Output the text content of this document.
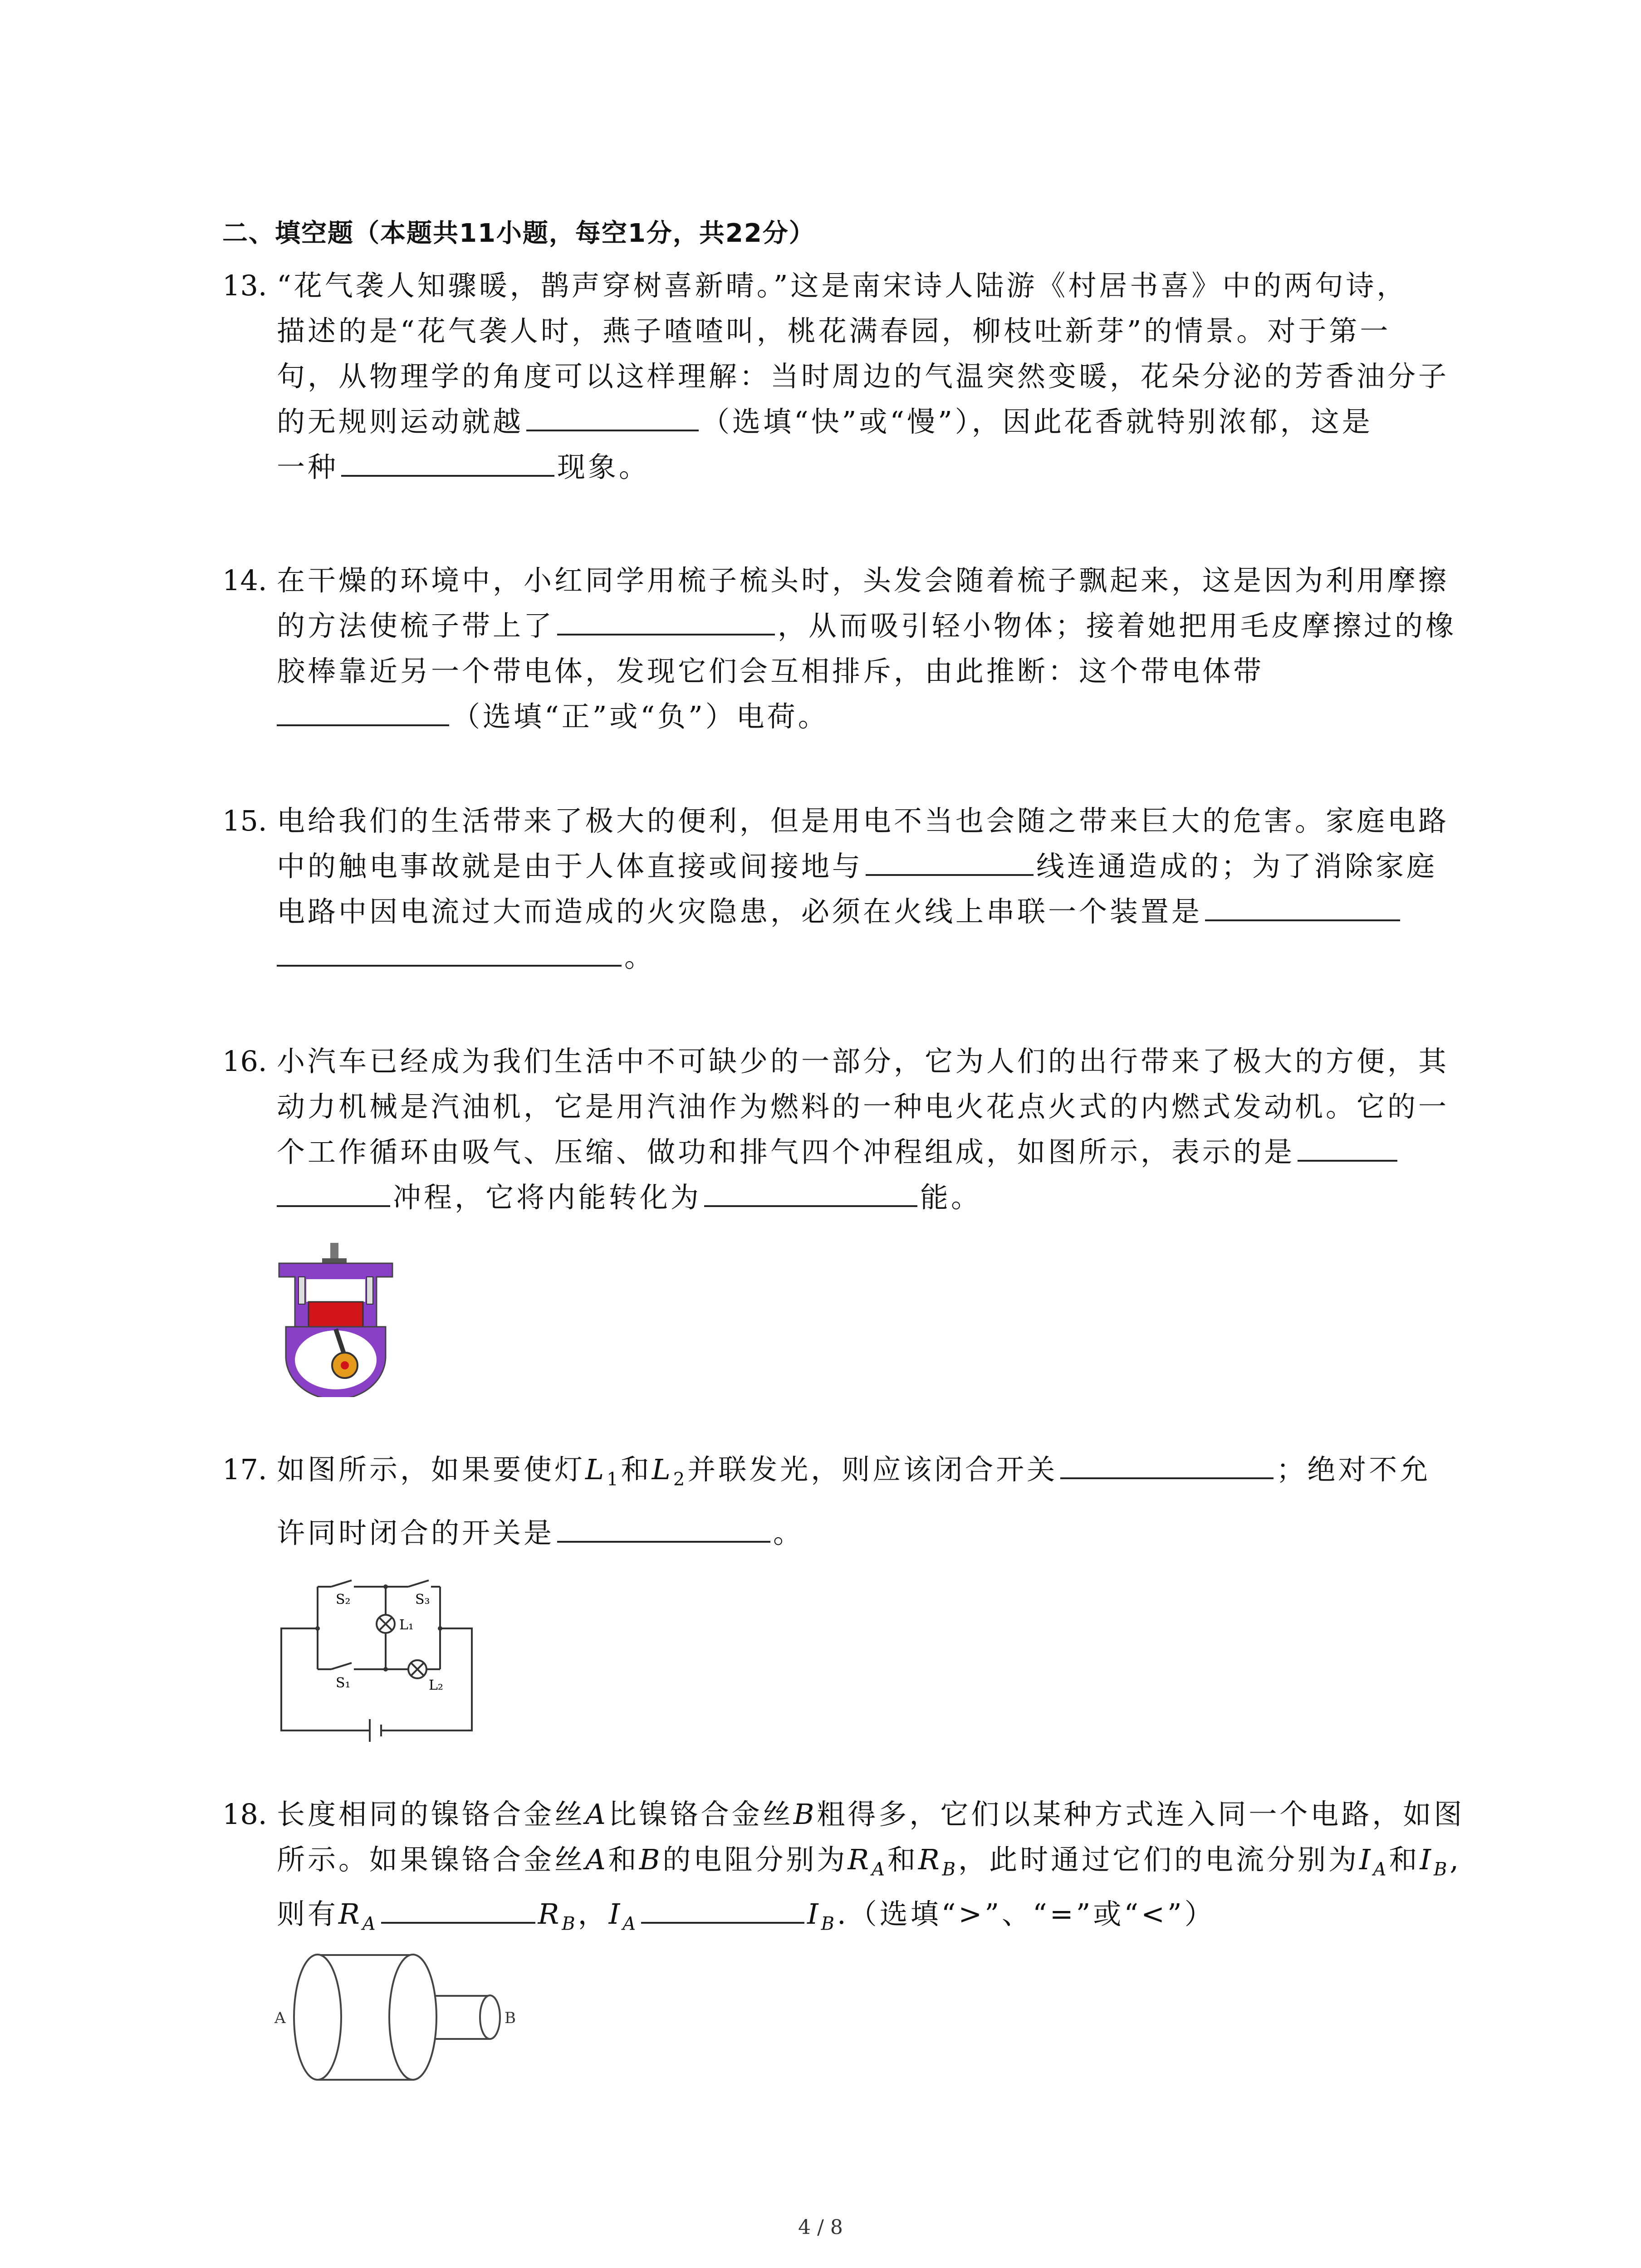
二、填空题（本题共11小题，每空1分，共22分）
13. “花气袭人知骤暖，鹊声穿树喜新晴。”这是南宋诗人陆游《村居书喜》中的两句诗，
描述的是“花气袭人时，燕子喳喳叫，桃花满春园，柳枝吐新芽”的情景。对于第一
句，从物理学的角度可以这样理解：当时周边的气温突然变暖，花朵分泌的芳香油分子
的无规则运动就越	（选填“快”或“慢”），因此花香就特别浓郁，这是
一种	现象。
14. 在干燥的环境中，小红同学用梳子梳头时，头发会随着梳子飘起来，这是因为利用摩擦
的方法使梳子带上了	，从而吸引轻小物体；接着她把用毛皮摩擦过的橡
胶棒靠近另一个带电体，发现它们会互相排斥，由此推断：这个带电体带
（选填“正”或“负”）电荷。
15. 电给我们的生活带来了极大的便利，但是用电不当也会随之带来巨大的危害。家庭电路
中的触电事故就是由于人体直接或间接地与	线连通造成的；为了消除家庭
电路中因电流过大而造成的火灾隐患，必须在火线上串联一个装置是
。
16. 小汽车已经成为我们生活中不可缺少的一部分，它为人们的出行带来了极大的方便，其
动力机械是汽油机，它是用汽油作为燃料的一种电火花点火式的内燃式发动机。它的一
个工作循环由吸气、压缩、做功和排气四个冲程组成，如图所示，表示的是
冲程，它将内能转化为	能。
17. 如图所示，如果要使灯$L_1$和$L_2$并联发光，则应该闭合开关	；绝对不允
许同时闭合的开关是	。
S₂	S₃
L₁
S₁	L₂
18. 长度相同的镍铬合金丝A比镍铬合金丝B粗得多，它们以某种方式连入同一个电路，如图
所示。如果镍铬合金丝A和B的电阻分别为$R_A$和$R_B$，此时通过它们的电流分别为$I_A$和$I_B$,
则有$R_A$	$R_B$，$I_A$	$I_B$.（选填“>”、“=”或“<”）
A	B
4 / 8
